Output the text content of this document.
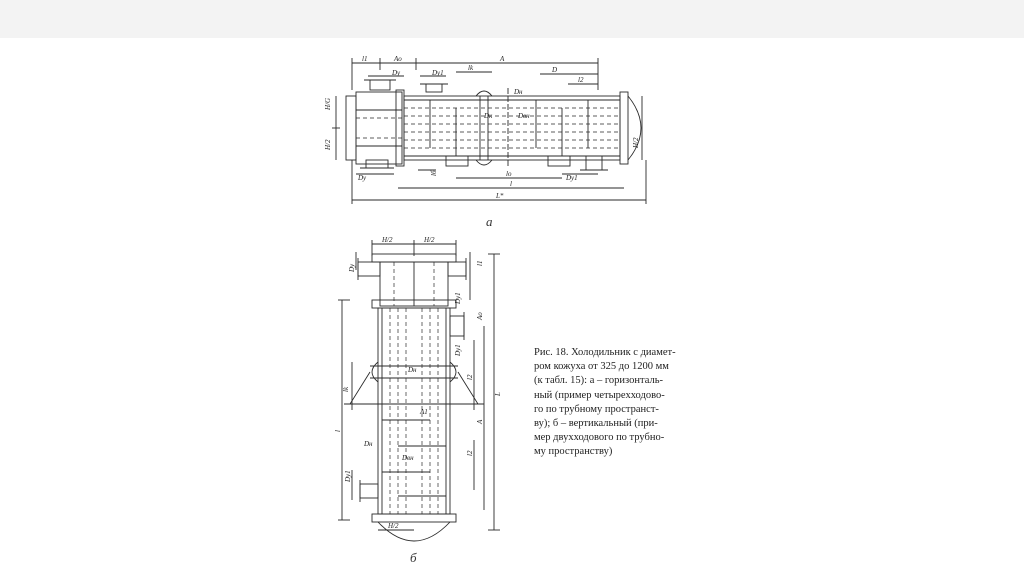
l1	Ao	A
Dy	Dy1
lk	D
l2
Dн
Dк	Dвн
H/G
H/2	H/2
Dy	Dy1
lб	lo
l
L*
H/2	H/2
Dy
l1
Dy1
Ao
Dy1
l2
lk
Dн
A1
l
A
L
Dн
Dвн
l2
Dy1
H/2
а
б
Рис. 18. Холодильник с диамет-
ром кожуха от 325 до 1200 мм
(к табл. 15): а – горизонталь-
ный (пример четырехходово-
го по трубному пространст-
ву); б – вертикальный (при-
мер двухходового по трубно-
му пространству)
